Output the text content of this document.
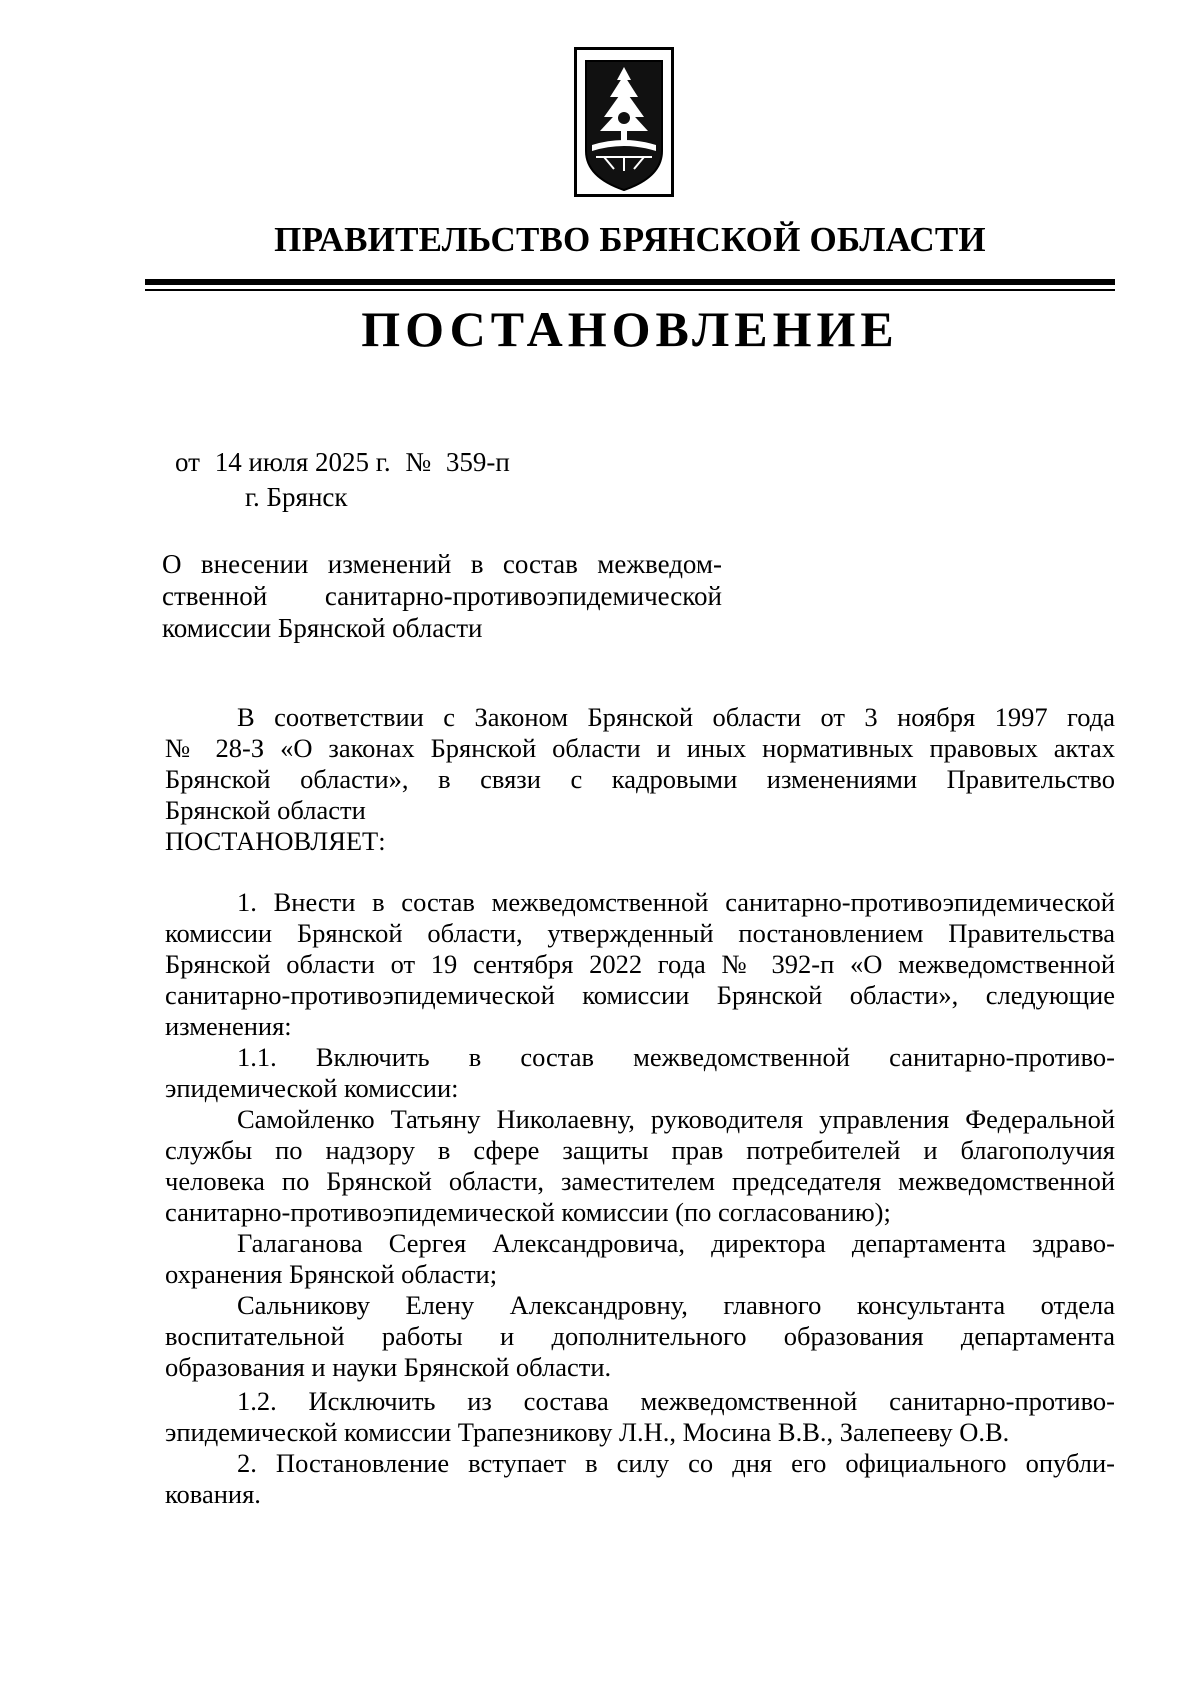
ПРАВИТЕЛЬСТВО БРЯНСКОЙ ОБЛАСТИ
ПОСТАНОВЛЕНИЕ
от 14 июля 2025 г. № 359-п
г. Брянск
О внесении изменений в состав межведом-
ственной санитарно-противоэпидемической
комиссии Брянской области
В соответствии с Законом Брянской области от 3 ноября 1997 года
№ 28-З «О законах Брянской области и иных нормативных правовых актах
Брянской области», в связи с кадровыми изменениями Правительство
Брянской области
ПОСТАНОВЛЯЕТ:
1. Внести в состав межведомственной санитарно-противоэпидемической
комиссии Брянской области, утвержденный постановлением Правительства
Брянской области от 19 сентября 2022 года № 392-п «О межведомственной
санитарно-противоэпидемической комиссии Брянской области», следующие
изменения:
1.1. Включить в состав межведомственной санитарно-противо-
эпидемической комиссии:
Самойленко Татьяну Николаевну, руководителя управления Федеральной
службы по надзору в сфере защиты прав потребителей и благополучия
человека по Брянской области, заместителем председателя межведомственной
санитарно-противоэпидемической комиссии (по согласованию);
Галаганова Сергея Александровича, директора департамента здраво-
охранения Брянской области;
Сальникову Елену Александровну, главного консультанта отдела
воспитательной работы и дополнительного образования департамента
образования и науки Брянской области.
1.2. Исключить из состава межведомственной санитарно-противо-
эпидемической комиссии Трапезникову Л.Н., Мосина В.В., Залепееву О.В.
2. Постановление вступает в силу со дня его официального опубли-
кования.
